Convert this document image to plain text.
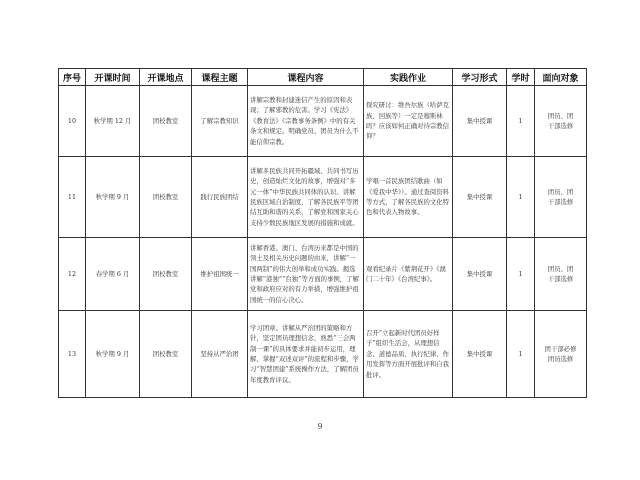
序号	开课时间	开课地点	课程主题	课程内容	实践作业	学习形式	学时	面向对象
10	秋学期 12 月	团校教室	了解宗教知识	讲解宗教和封建迷信产生的原因和表现；了解邪教的危害。学习《宪法》《教育法》《宗教事务条例》中的有关条文和规定。明确党员、团员为什么不能信仰宗教。	探究研讨：维吾尔族（哈萨克族、回族等）一定是穆斯林吗？应该如何正确对待宗教信仰？	集中授课	1	团员、团
干部选修

11	秋学期 9 月	团校教室	践行民族团结	讲解多民族共同开拓疆域、共同书写历史，创造灿烂文化的故事，增强对“多元一体”中华民族共同体的认识。讲解民族区域自治制度，了解各民族平等团结互助和谐的关系，了解党和国家关心支持少数民族地区发展的措施和成就。	学唱一首民族团结歌曲（如《爱我中华》）。通过查阅资料等方式，了解各民族的文化特色和代表人物故事。	集中授课	1	团员、团
干部选修

12	春学期 6 月	团校教室	维护祖国统一	讲解香港、澳门、台湾历来都是中国的领土及相关历史问题的由来，讲解“一国两制”的伟大创举和成功实践。揭选讲解“港独”“台独”等方面的事例，了解党和政府应对的有力举措，增强维护祖国统一的信心决心。	观看纪录片《紫荆花开》《澳门二十年》《台湾纪事》。	集中授课	1	团员、团
干部选修

13	秋学期 9 月	团校教室	坚持从严治团	学习团章。讲解从严治团的策略和方针，坚定团员理想信念，熟悉“三会两制一课”的具体要求并能初步运用，理解、掌握“双述双评”的流程和步骤，学习“智慧团建”系统操作方法，了解团员年度教育评议。	召开“立起新时代团员好样子”组织生活会，从理想信念、道德品质、执行纪律、作用发挥等方面开展批评和自我批评。	集中授课	1	团干部必修
团员选修
9
